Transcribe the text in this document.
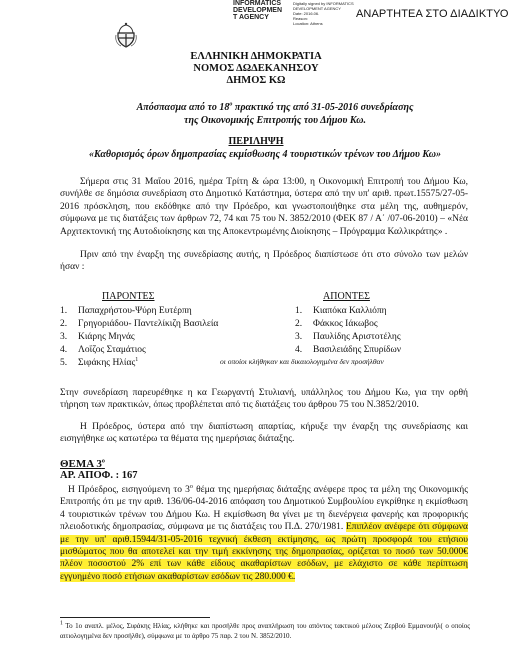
INFORMATICS
DEVELOPMEN
T AGENCY
Digitally signed by INFORMATICS
DEVELOPMENT AGENCY
Date: 2016.06.
Reason:
Location: Athens
ΑΝΑΡΤΗΤΕΑ ΣΤΟ ΔΙΑΔΙΚΤΥΟ
ΕΛΛΗΝΙΚΗ ΔΗΜΟΚΡΑΤΙΑ
ΝΟΜΟΣ ΔΩΔΕΚΑΝΗΣΟΥ
ΔΗΜΟΣ ΚΩ
Απόσπασμα από το $18^o$ πρακτικό της από 31-05-2016 συνεδρίασης
της Οικονομικής Επιτροπής του Δήμου Κω.
ΠΕΡΙΛΗΨΗ
«Καθορισμός όρων δημοπρασίας εκμίσθωσης 4 τουριστικών τρένων του Δήμου Κω»
Σήμερα στις 31 Μαΐου 2016, ημέρα Τρίτη & ώρα 13:00, η Οικονομική Επιτροπή του Δήμου Κω, συνήλθε σε δημόσια συνεδρίαση στο Δημοτικό Κατάστημα, ύστερα από την υπ' αριθ. πρωτ.15575/27-05-2016 πρόσκληση, που εκδόθηκε από την Πρόεδρο, και γνωστοποιήθηκε στα μέλη της, αυθημερόν, σύμφωνα με τις διατάξεις των άρθρων 72, 74 και 75 του Ν. 3852/2010 (ΦΕΚ 87 / Α΄ /07-06-2010) – «Νέα Αρχιτεκτονική της Αυτοδιοίκησης και της Αποκεντρωμένης Διοίκησης – Πρόγραμμα Καλλικράτης» .
Πριν από την έναρξη της συνεδρίασης αυτής, η Πρόεδρος διαπίστωσε ότι στο σύνολο των μελών ήσαν :
ΠΑΡΟΝΤΕΣ	ΑΠΟΝΤΕΣ
1. Παπαχρήστου-Ψύρη Ευτέρπη
2. Γρηγοριάδου- Παντελίκιζη Βασιλεία
3. Κιάρης Μηνάς
4. Λοΐζος Σταμάτιος
5. Σιφάκης Ηλίας$^1$
1. Κιαπόκα Καλλιόπη
2. Φάκκος Ιάκωβος
3. Παυλίδης Αριστοτέλης
4. Βασιλειάδης Σπυρίδων
οι οποίοι κλήθηκαν και δικαιολογημένα δεν προσήλθαν
Στην συνεδρίαση παρευρέθηκε η κα Γεωργαντή Στυλιανή, υπάλληλος του Δήμου Κω, για την ορθή τήρηση των πρακτικών, όπως προβλέπεται από τις διατάξεις του άρθρου 75 του Ν.3852/2010.
Η Πρόεδρος, ύστερα από την διαπίστωση απαρτίας, κήρυξε την έναρξη της συνεδρίασης και εισηγήθηκε ως κατωτέρω τα θέματα της ημερήσιας διάταξης.
ΘΕΜΑ $3^o$
ΑΡ. ΑΠΟΦ. : 167
Η Πρόεδρος, εισηγούμενη το $3^o$ θέμα της ημερήσιας διάταξης ανέφερε προς τα μέλη της Οικονομικής Επιτροπής ότι με την αριθ. 136/06-04-2016 απόφαση του Δημοτικού Συμβουλίου εγκρίθηκε η εκμίσθωση 4 τουριστικών τρένων του Δήμου Κω. Η εκμίσθωση θα γίνει με τη διενέργεια φανερής και προφορικής πλειοδοτικής δημοπρασίας, σύμφωνα με τις διατάξεις του Π.Δ. 270/1981. Επιπλέον ανέφερε ότι σύμφωνα με την υπ' αριθ.15944/31-05-2016 τεχνική έκθεση εκτίμησης, ως πρώτη προσφορά του ετήσιου μισθώματος που θα αποτελεί και την τιμή εκκίνησης της δημοπρασίας, ορίζεται το ποσό των 50.000€ πλέον ποσοστού 2% επί των κάθε είδους ακαθαρίστων εσόδων, με ελάχιστο σε κάθε περίπτωση εγγυημένο ποσό ετήσιων ακαθαρίστων εσόδων τις 280.000 €.
$^1$ Το 1ο αναπλ. μέλος, Σιφάκης Ηλίας, κλήθηκε και προσήλθε προς αναπλήρωση του απόντος τακτικού μέλους Ζερβού Εμμανουήλ( ο οποίος αιτιολογημένα δεν προσήλθε), σύμφωνα με το άρθρο 75 παρ. 2 του Ν. 3852/2010.
